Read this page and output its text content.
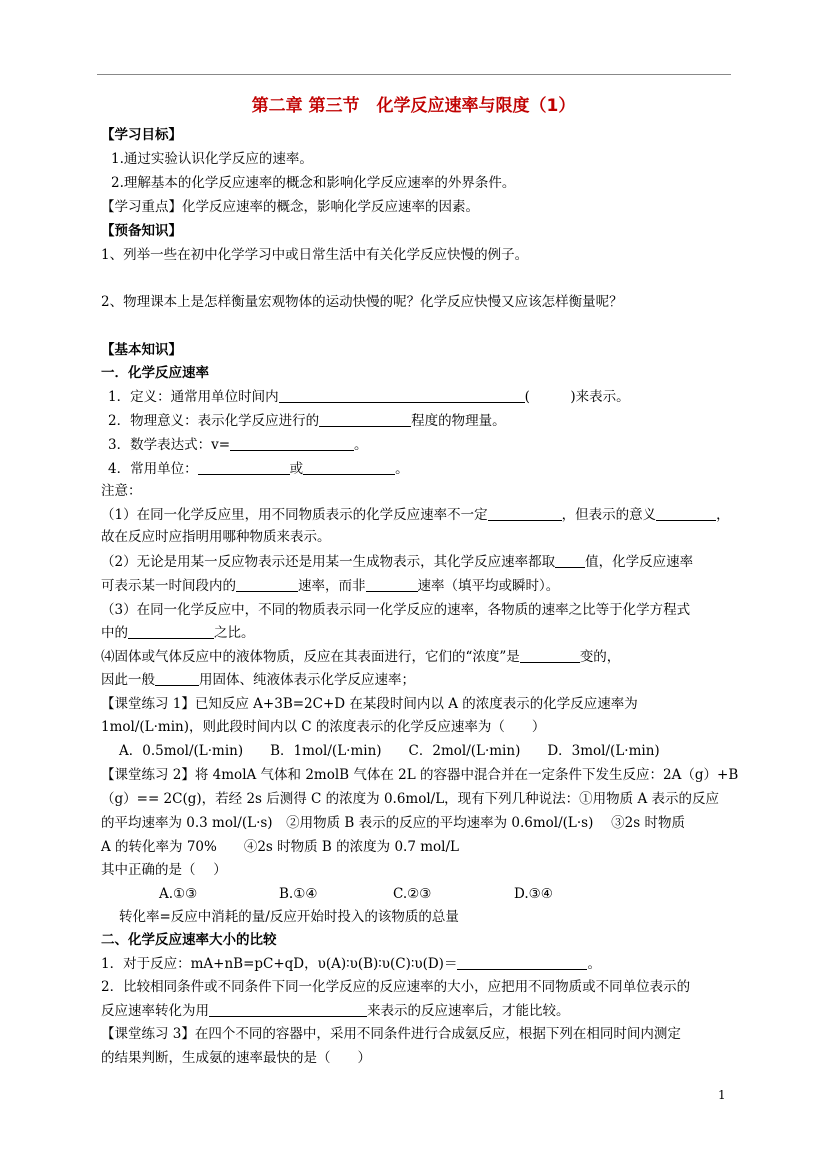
第二章 第三节　化学反应速率与限度（1）
【学习目标】
1.通过实验认识化学反应的速率。
2.理解基本的化学反应速率的概念和影响化学反应速率的外界条件。
【学习重点】化学反应速率的概念，影响化学反应速率的因素。
【预备知识】
1、列举一些在初中化学学习中或日常生活中有关化学反应快慢的例子。
2、物理课本上是怎样衡量宏观物体的运动快慢的呢？化学反应快慢又应该怎样衡量呢？
【基本知识】
一．化学反应速率
1．定义：通常用单位时间内	(　　　)来表示。
2．物理意义：表示化学反应进行的	程度的物理量。
3．数学表达式：v=	。
4．常用单位：	或	。
注意：
（1）在同一化学反应里，用不同物质表示的化学反应速率不一定	，但表示的意义	，
故在反应时应指明用哪种物质来表示。
（2）无论是用某一反应物表示还是用某一生成物表示，其化学反应速率都取 值，化学反应速率
可表示某一时间段内的	速率，而非	速率（填平均或瞬时）。
（3）在同一化学反应中，不同的物质表示同一化学反应的速率，各物质的速率之比等于化学方程式
中的	之比。
⑷固体或气体反应中的液体物质，反应在其表面进行，它们的“浓度”是	变的，
因此一般	用固体、纯液体表示化学反应速率；
【课堂练习 1】已知反应 A+3B=2C+D 在某段时间内以 A 的浓度表示的化学反应速率为
1mol/(L·min)，则此段时间内以 C 的浓度表示的化学反应速率为（　　）
A．0.5mol/(L·min)　　B．1mol/(L·min)　　C．2mol/(L·min)　　D．3mol/(L·min)
【课堂练习 2】将 4molA 气体和 2molB 气体在 2L 的容器中混合并在一定条件下发生反应：2A（g）+B
（g）== 2C(g)，若经 2s 后测得 C 的浓度为 0.6mol/L，现有下列几种说法：①用物质 A 表示的反应
的平均速率为 0.3 mol/(L·s)　②用物质 B 表示的反应的平均速率为 0.6mol/(L·s)　 ③2s 时物质
A 的转化率为 70%　　④2s 时物质 B 的浓度为 0.7 mol/L
其中正确的是（　 ）
A.①③	B.①④	C.②③	D.③④
转化率=反应中消耗的量/反应开始时投入的该物质的总量
二、化学反应速率大小的比较
1．对于反应：mA+nB=pC+qD，υ(A)∶υ(B)∶υ(C)∶υ(D)＝	。
2．比较相同条件或不同条件下同一化学反应的反应速率的大小，应把用不同物质或不同单位表示的
反应速率转化为用	来表示的反应速率后，才能比较。
【课堂练习 3】在四个不同的容器中，采用不同条件进行合成氨反应，根据下列在相同时间内测定
的结果判断，生成氨的速率最快的是（　　）
1
